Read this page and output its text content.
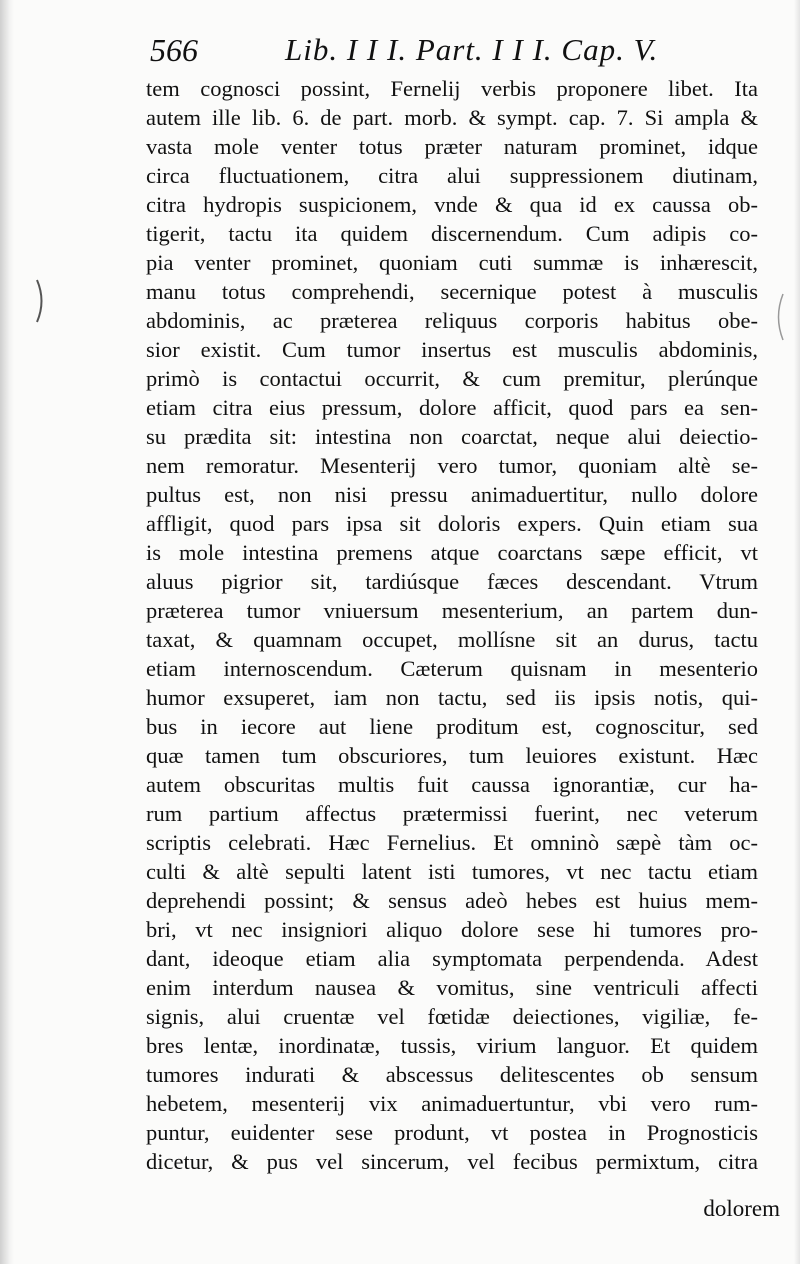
566	Lib. I I I. Part. I I I. Cap. V.
tem cognosci possint, Fernelij verbis proponere libet. Ita
autem ille lib. 6. de part. morb. & sympt. cap. 7. Si ampla &
vasta mole venter totus præter naturam prominet, idque
circa fluctuationem, citra alui suppressionem diutinam,
citra hydropis suspicionem, vnde & qua id ex caussa ob-
tigerit, tactu ita quidem discernendum. Cum adipis co-
pia venter prominet, quoniam cuti summæ is inhærescit,
manu totus comprehendi, secernique potest à musculis
abdominis, ac præterea reliquus corporis habitus obe-
sior existit. Cum tumor insertus est musculis abdominis,
primò is contactui occurrit, & cum premitur, plerúnque
etiam citra eius pressum, dolore afficit, quod pars ea sen-
su prædita sit: intestina non coarctat, neque alui deiectio-
nem remoratur. Mesenterij vero tumor, quoniam altè se-
pultus est, non nisi pressu animaduertitur, nullo dolore
affligit, quod pars ipsa sit doloris expers. Quin etiam sua
is mole intestina premens atque coarctans sæpe efficit, vt
aluus pigrior sit, tardiúsque fæces descendant. Vtrum
præterea tumor vniuersum mesenterium, an partem dun-
taxat, & quamnam occupet, mollísne sit an durus, tactu
etiam internoscendum. Cæterum quisnam in mesenterio
humor exsuperet, iam non tactu, sed iis ipsis notis, qui-
bus in iecore aut liene proditum est, cognoscitur, sed
quæ tamen tum obscuriores, tum leuiores existunt. Hæc
autem obscuritas multis fuit caussa ignorantiæ, cur ha-
rum partium affectus prætermissi fuerint, nec veterum
scriptis celebrati. Hæc Fernelius. Et omninò sæpè tàm oc-
culti & altè sepulti latent isti tumores, vt nec tactu etiam
deprehendi possint; & sensus adeò hebes est huius mem-
bri, vt nec insigniori aliquo dolore sese hi tumores pro-
dant, ideoque etiam alia symptomata perpendenda. Adest
enim interdum nausea & vomitus, sine ventriculi affecti
signis, alui cruentæ vel fœtidæ deiectiones, vigiliæ, fe-
bres lentæ, inordinatæ, tussis, virium languor. Et quidem
tumores indurati & abscessus delitescentes ob sensum
hebetem, mesenterij vix animaduertuntur, vbi vero rum-
puntur, euidenter sese produnt, vt postea in Prognosticis
dicetur, & pus vel sincerum, vel fecibus permixtum, citra
dolorem
